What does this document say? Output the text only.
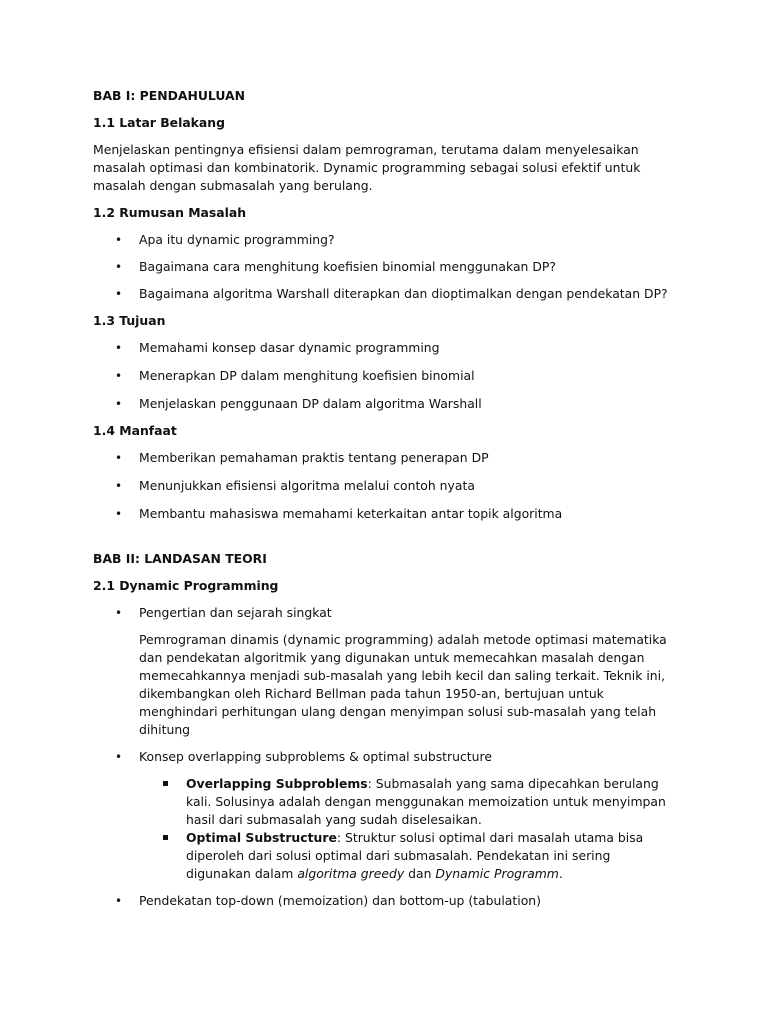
BAB I: PENDAHULUAN

1.1 Latar Belakang

Menjelaskan pentingnya efisiensi dalam pemrograman, terutama dalam menyelesaikan masalah optimasi dan kombinatorik. Dynamic programming sebagai solusi efektif untuk masalah dengan submasalah yang berulang.

1.2 Rumusan Masalah

• Apa itu dynamic programming?
• Bagaimana cara menghitung koefisien binomial menggunakan DP?
• Bagaimana algoritma Warshall diterapkan dan dioptimalkan dengan pendekatan DP?

1.3 Tujuan

• Memahami konsep dasar dynamic programming
• Menerapkan DP dalam menghitung koefisien binomial
• Menjelaskan penggunaan DP dalam algoritma Warshall

1.4 Manfaat

• Memberikan pemahaman praktis tentang penerapan DP
• Menunjukkan efisiensi algoritma melalui contoh nyata
• Membantu mahasiswa memahami keterkaitan antar topik algoritma

BAB II: LANDASAN TEORI

2.1 Dynamic Programming

• Pengertian dan sejarah singkat

Pemrograman dinamis (dynamic programming) adalah metode optimasi matematika dan pendekatan algoritmik yang digunakan untuk memecahkan masalah dengan memecahkannya menjadi sub-masalah yang lebih kecil dan saling terkait. Teknik ini, dikembangkan oleh Richard Bellman pada tahun 1950-an, bertujuan untuk menghindari perhitungan ulang dengan menyimpan solusi sub-masalah yang telah dihitung

• Konsep overlapping subproblems & optimal substructure
Overlapping Subproblems: Submasalah yang sama dipecahkan berulang kali. Solusinya adalah dengan menggunakan memoization untuk menyimpan hasil dari submasalah yang sudah diselesaikan.
Optimal Substructure: Struktur solusi optimal dari masalah utama bisa diperoleh dari solusi optimal dari submasalah. Pendekatan ini sering digunakan dalam algoritma greedy dan Dynamic Programm.
• Pendekatan top-down (memoization) dan bottom-up (tabulation)
